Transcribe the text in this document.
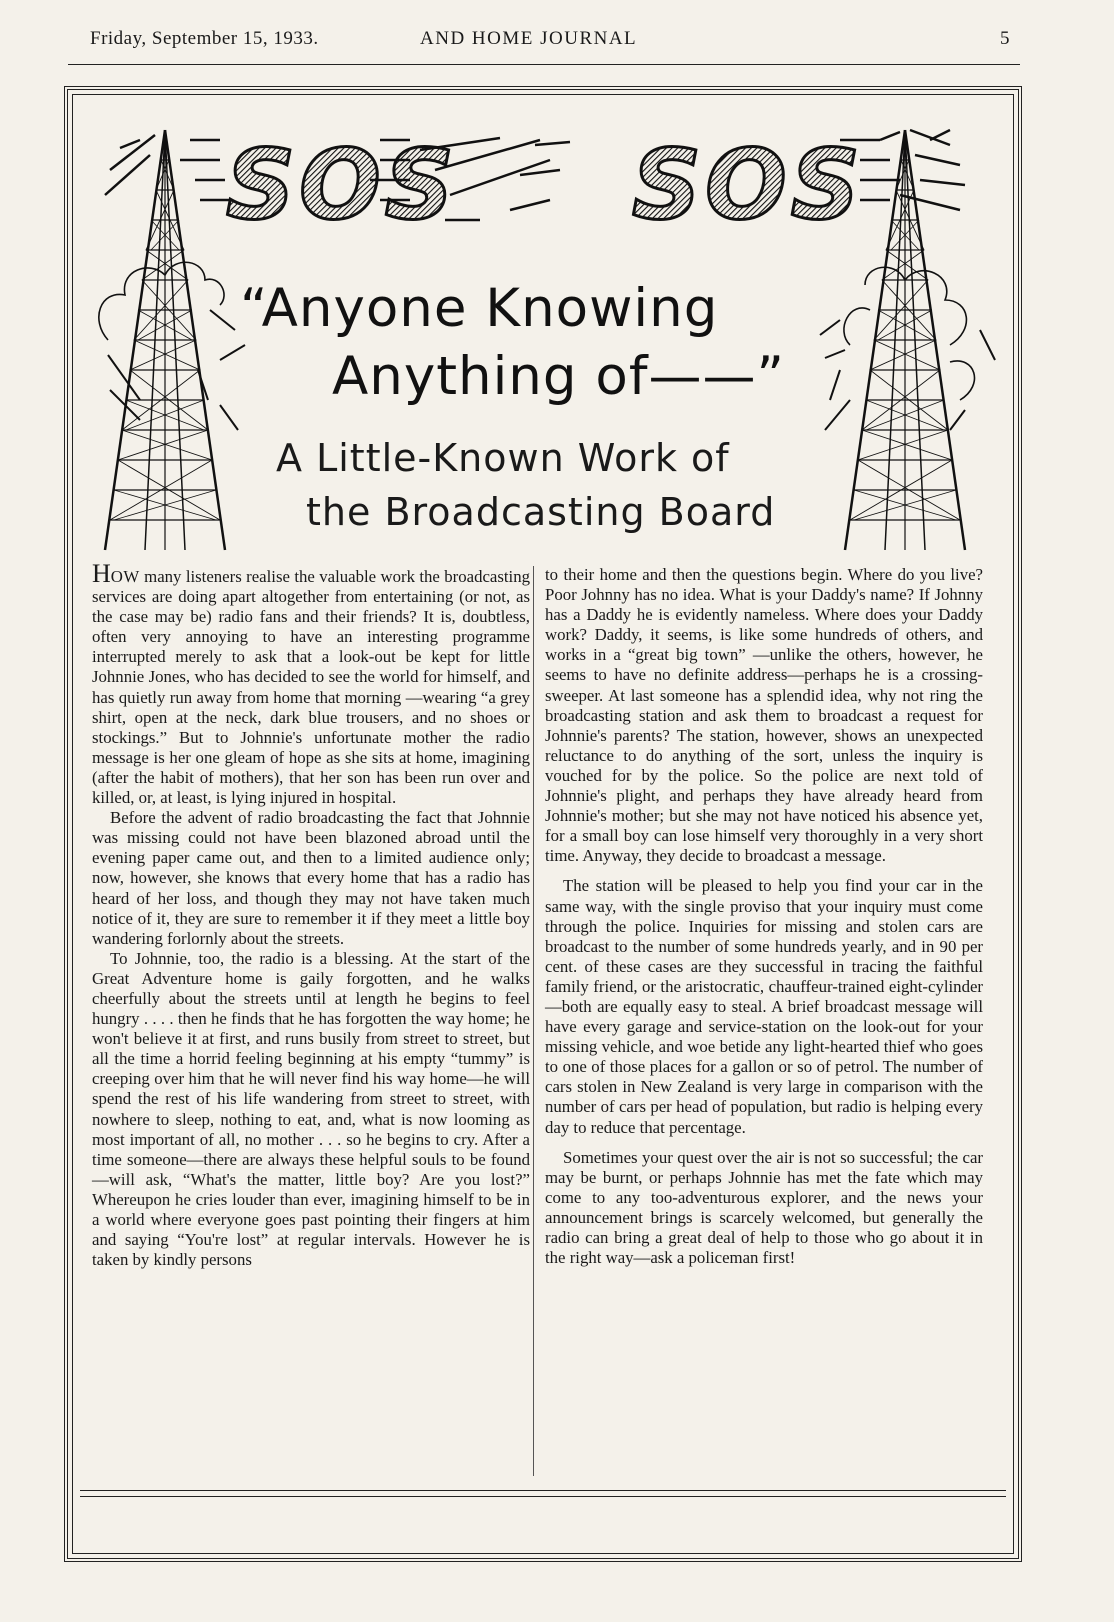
Friday, September 15, 1933.	AND HOME JOURNAL	5
SOS SOS
“Anyone Knowing
Anything of——”
A Little-Known Work of
the Broadcasting Board

HOW many listeners realise the valuable work the broadcasting services are doing apart altogether from entertaining (or not, as the case may be) radio fans and their friends? It is, doubtless, often very annoying to have an interesting programme interrupted merely to ask that a look-out be kept for little Johnnie Jones, who has decided to see the world for himself, and has quietly run away from home that morning —wearing “a grey shirt, open at the neck, dark blue trousers, and no shoes or stockings.” But to Johnnie's unfortunate mother the radio message is her one gleam of hope as she sits at home, imagining (after the habit of mothers), that her son has been run over and killed, or, at least, is lying injured in hospital.

Before the advent of radio broadcasting the fact that Johnnie was missing could not have been blazoned abroad until the evening paper came out, and then to a limited audience only; now, however, she knows that every home that has a radio has heard of her loss, and though they may not have taken much notice of it, they are sure to remember it if they meet a little boy wandering forlornly about the streets.

To Johnnie, too, the radio is a blessing. At the start of the Great Adventure home is gaily forgotten, and he walks cheerfully about the streets until at length he begins to feel hungry . . . . then he finds that he has forgotten the way home; he won't believe it at first, and runs busily from street to street, but all the time a horrid feeling beginning at his empty “tummy” is creeping over him that he will never find his way home—he will spend the rest of his life wandering from street to street, with nowhere to sleep, nothing to eat, and, what is now looming as most important of all, no mother . . . so he begins to cry. After a time someone—there are always these helpful souls to be found—will ask, “What's the matter, little boy? Are you lost?” Whereupon he cries louder than ever, imagining himself to be in a world where everyone goes past pointing their fingers at him and saying “You're lost” at regular intervals. However he is taken by kindly persons

to their home and then the questions begin. Where do you live? Poor Johnny has no idea. What is your Daddy's name? If Johnny has a Daddy he is evidently nameless. Where does your Daddy work? Daddy, it seems, is like some hundreds of others, and works in a “great big town” —unlike the others, however, he seems to have no definite address—perhaps he is a crossing-sweeper. At last someone has a splendid idea, why not ring the broadcasting station and ask them to broadcast a request for Johnnie's parents? The station, however, shows an unexpected reluctance to do anything of the sort, unless the inquiry is vouched for by the police. So the police are next told of Johnnie's plight, and perhaps they have already heard from Johnnie's mother; but she may not have noticed his absence yet, for a small boy can lose himself very thoroughly in a very short time. Anyway, they decide to broadcast a message.

The station will be pleased to help you find your car in the same way, with the single proviso that your inquiry must come through the police. Inquiries for missing and stolen cars are broadcast to the number of some hundreds yearly, and in 90 per cent. of these cases are they successful in tracing the faithful family friend, or the aristocratic, chauffeur-trained eight-cylinder—both are equally easy to steal. A brief broadcast message will have every garage and service-station on the look-out for your missing vehicle, and woe betide any light-hearted thief who goes to one of those places for a gallon or so of petrol. The number of cars stolen in New Zealand is very large in comparison with the number of cars per head of population, but radio is helping every day to reduce that percentage.

Sometimes your quest over the air is not so successful; the car may be burnt, or perhaps Johnnie has met the fate which may come to any too-adventurous explorer, and the news your announcement brings is scarcely welcomed, but generally the radio can bring a great deal of help to those who go about it in the right way—ask a policeman first!
